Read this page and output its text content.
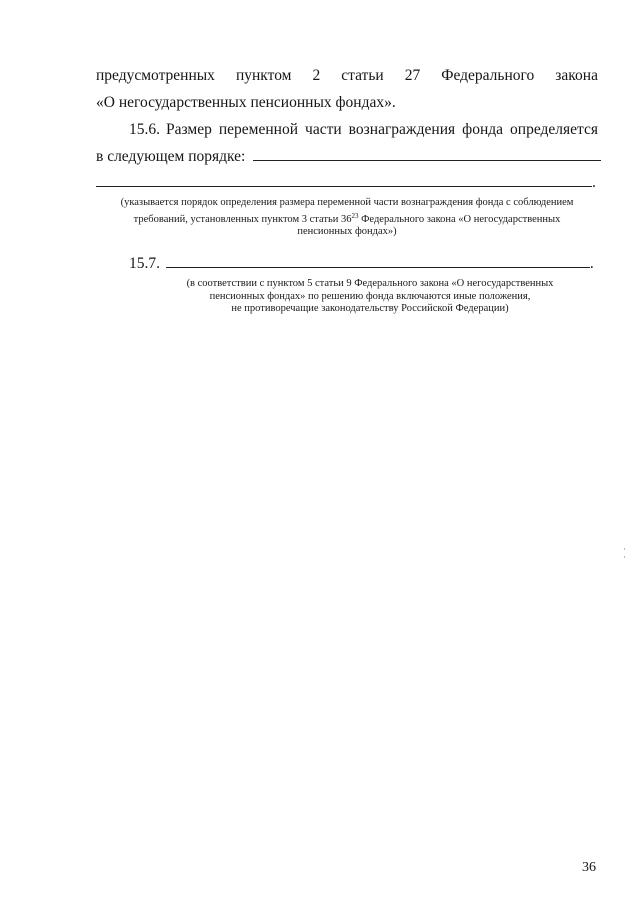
предусмотренных пунктом 2 статьи 27 Федерального закона
«О негосударственных пенсионных фондах».
15.6. Размер переменной части вознаграждения фонда определяется
в следующем порядке:
.
(указывается порядок определения размера переменной части вознаграждения фонда с соблюдением
требований, установленных пунктом 3 статьи $36^{23}$ Федерального закона «О негосударственных
пенсионных фондах»)
15.7.	.
(в соответствии с пунктом 5 статьи 9 Федерального закона «О негосударственных
пенсионных фондах» по решению фонда включаются иные положения,
не противоречащие законодательству Российской Федерации)
36
